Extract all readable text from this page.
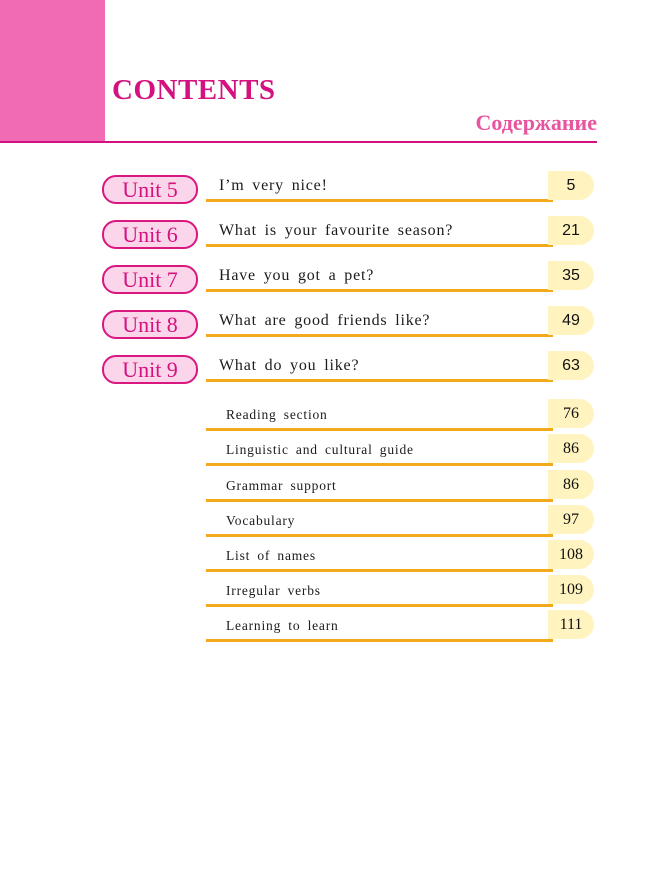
CONTENTS
Содержание
Unit 5	I’m very nice!	5
Unit 6	What is your favourite season?	21
Unit 7	Have you got a pet?	35
Unit 8	What are good friends like?	49
Unit 9	What do you like?	63
Reading section	76
Linguistic and cultural guide	86
Grammar support	86
Vocabulary	97
List of names	108
Irregular verbs	109
Learning to learn	111
